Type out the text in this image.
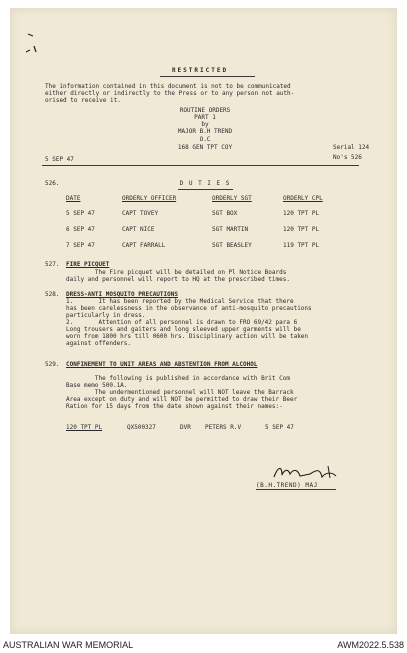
RESTRICTED
The information contained in this document is not to be communicated
either directly or indirectly to the Press or to any person not auth-
orised to receive it.
ROUTINE ORDERS
PART 1
by
MAJOR B.H TREND
O.C
168 GEN TPT COY	Serial 124
5 SEP 47	No's 526
526.	D U T I E S
DATE	ORDERLY OFFICER	ORDERLY SGT	ORDERLY CPL
5 SEP 47	CAPT TOVEY	SGT BOX	120 TPT PL
6 SEP 47	CAPT NICE	SGT MARTIN	120 TPT PL
7 SEP 47	CAPT FARRALL	SGT BEASLEY	119 TPT PL
527. FIRE PICQUET
The Fire picquet will be detailed on Pl Notice Boards
daily and personnel will report to HQ at the prescribed times.
528. DRESS-ANTI MOSQUITO PRECAUTIONS
1.       It has been reported by the Medical Service that there
has been carelessness in the observance of anti-mosquito precautions
particularly in dress.
2.       Attention of all personnel is drawn to FRO 69/42 para 6
Long trousers and gaiters and long sleeved upper garments will be
worn from 1800 hrs till 0600 hrs. Disciplinary action will be taken
against offenders.
529. CONFINEMENT TO UNIT AREAS AND ABSTENTION FROM ALCOHOL
The following is published in accordance with Brit Com
Base memo 500.1A.
The undermentioned personnel will NOT leave the Barrack
Area except on duty and will NOT be permitted to draw their Beer
Ration for 15 days from the date shown against their names:-
120 TPT PL	QX500327	DVR PETERS R.V	5 SEP 47
(B.H.TREND) MAJ
AUSTRALIAN WAR MEMORIAL	AWM2022.5.538
